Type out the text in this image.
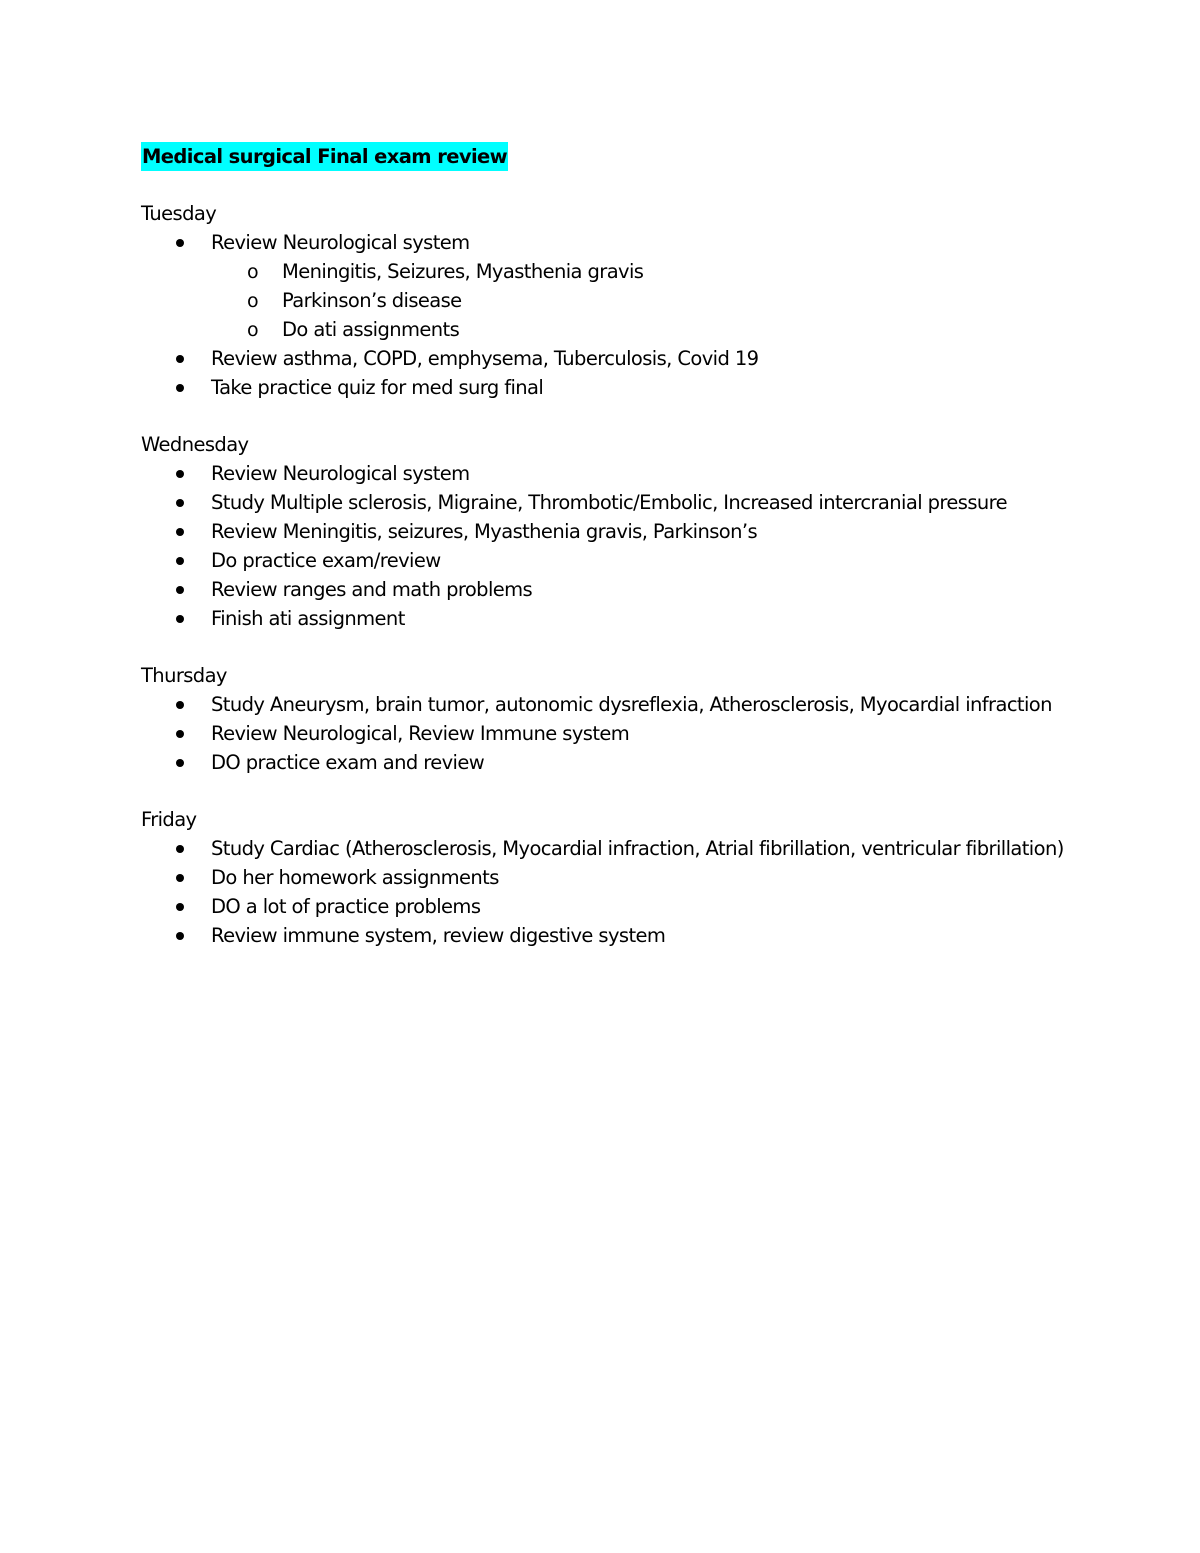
Medical surgical Final exam review
Tuesday
Review Neurological system
o Meningitis, Seizures, Myasthenia gravis
o Parkinson’s disease
o Do ati assignments
Review asthma, COPD, emphysema, Tuberculosis, Covid 19
Take practice quiz for med surg final
Wednesday
Review Neurological system
Study Multiple sclerosis, Migraine, Thrombotic/Embolic, Increased intercranial pressure
Review Meningitis, seizures, Myasthenia gravis, Parkinson’s
Do practice exam/review
Review ranges and math problems
Finish ati assignment
Thursday
Study Aneurysm, brain tumor, autonomic dysreflexia, Atherosclerosis, Myocardial infraction
Review Neurological, Review Immune system
DO practice exam and review
Friday
Study Cardiac (Atherosclerosis, Myocardial infraction, Atrial fibrillation, ventricular fibrillation)
Do her homework assignments
DO a lot of practice problems
Review immune system, review digestive system
